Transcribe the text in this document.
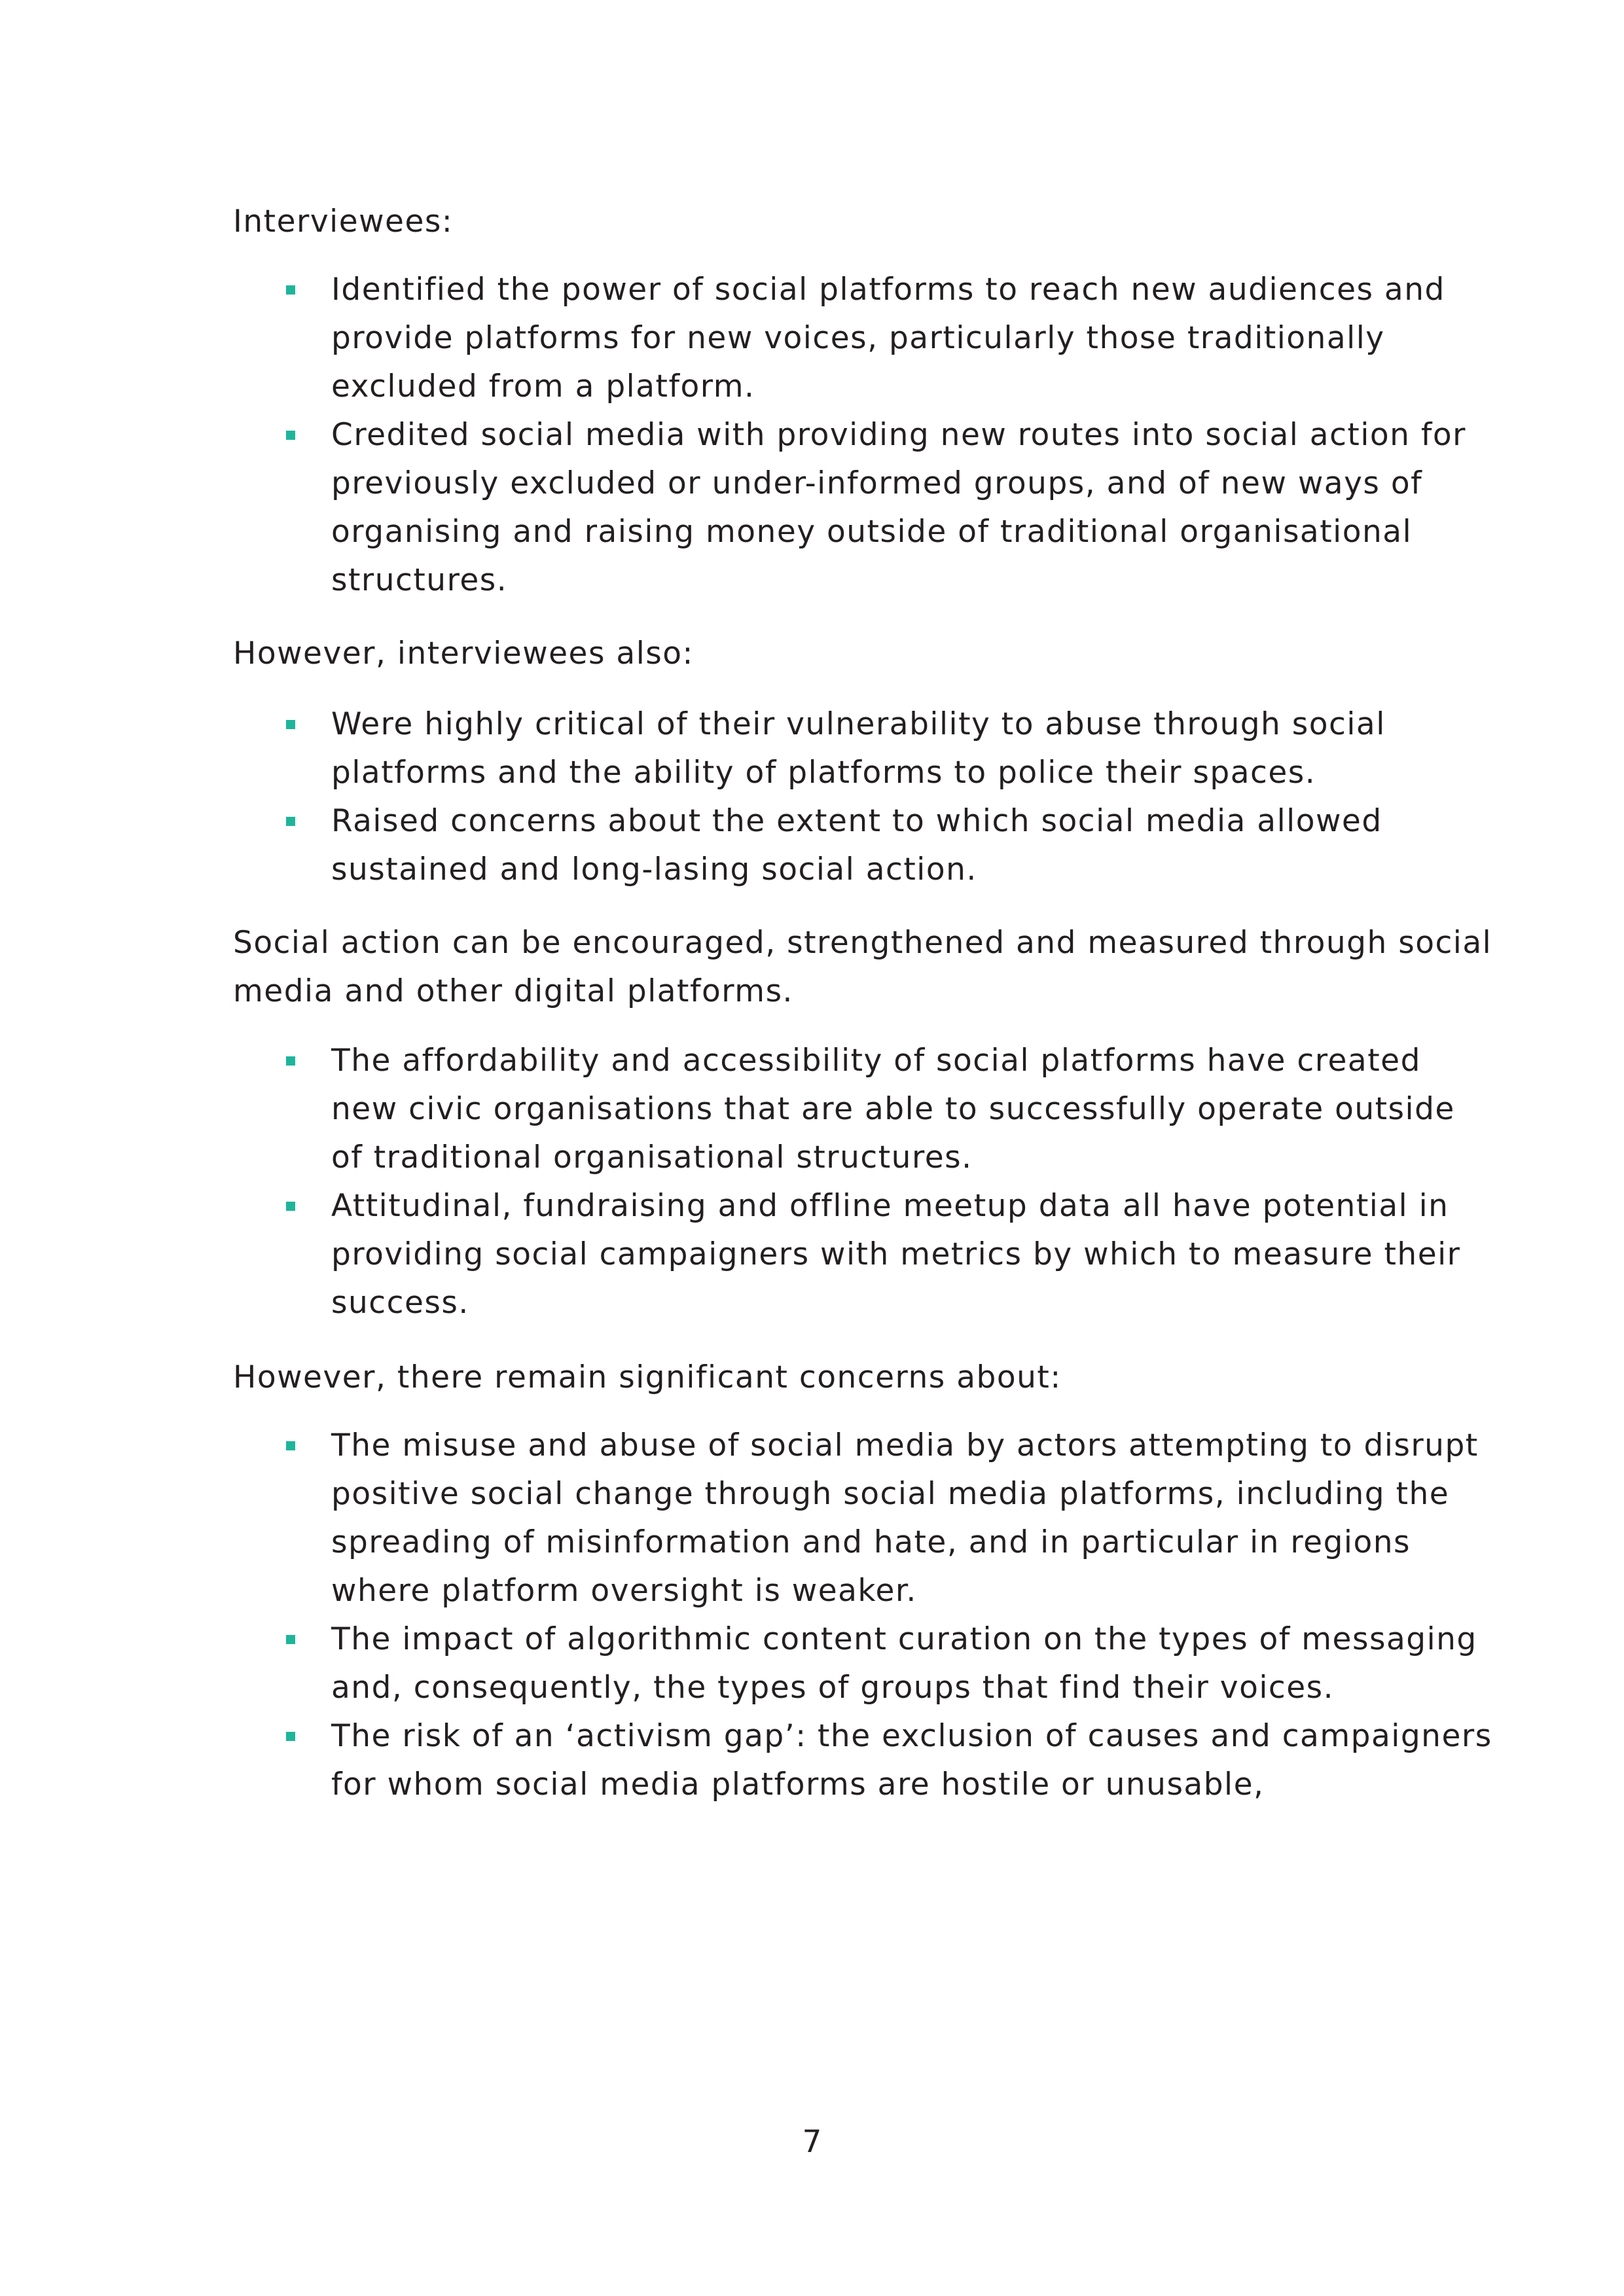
Interviewees:

Identified the power of social platforms to reach new audiences and provide platforms for new voices, particularly those traditionally excluded from a platform.
Credited social media with providing new routes into social action for previously excluded or under-informed groups, and of new ways of organising and raising money outside of traditional organisational structures.

However, interviewees also:

Were highly critical of their vulnerability to abuse through social platforms and the ability of platforms to police their spaces.
Raised concerns about the extent to which social media allowed sustained and long-lasing social action.

Social action can be encouraged, strengthened and measured through social media and other digital platforms.

The affordability and accessibility of social platforms have created new civic organisations that are able to successfully operate outside of traditional organisational structures.
Attitudinal, fundraising and offline meetup data all have potential in providing social campaigners with metrics by which to measure their success.

However, there remain significant concerns about:

The misuse and abuse of social media by actors attempting to disrupt positive social change through social media platforms, including the spreading of misinformation and hate, and in particular in regions where platform oversight is weaker.
The impact of algorithmic content curation on the types of messaging and, consequently, the types of groups that find their voices.
The risk of an ‘activism gap’: the exclusion of causes and campaigners for whom social media platforms are hostile or unusable,

7
